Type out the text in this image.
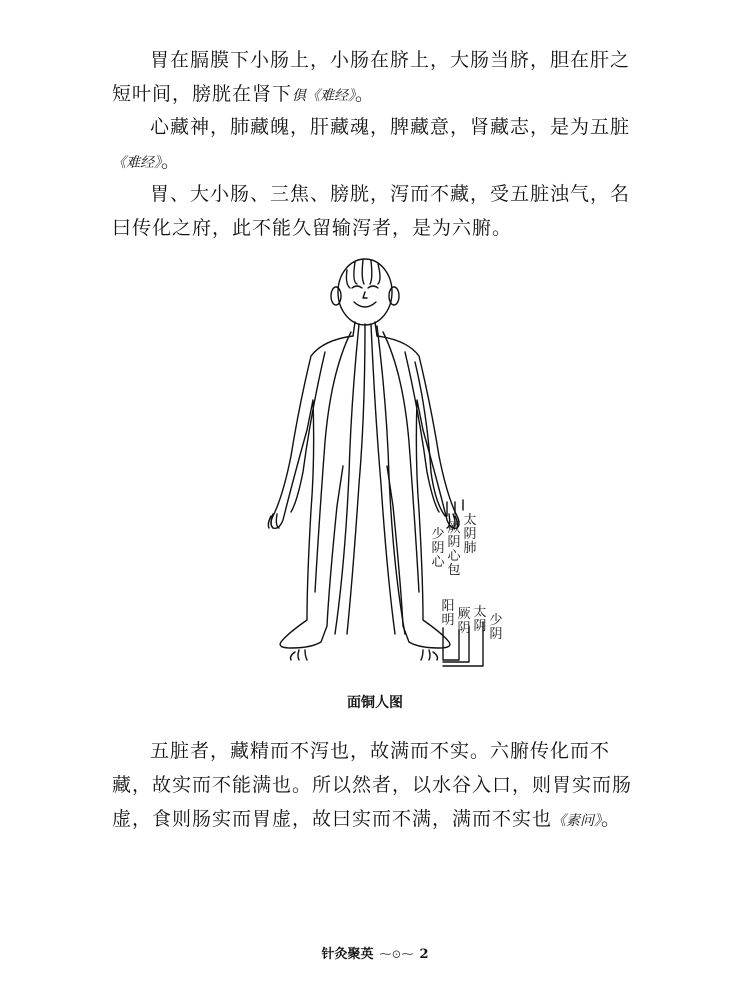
胃在膈膜下小肠上，小肠在脐上，大肠当脐，胆在肝之短叶间，膀胱在肾下俱《难经》。

心藏神，肺藏魄，肝藏魂，脾藏意，肾藏志，是为五脏《难经》。

胃、大小肠、三焦、膀胱，泻而不藏，受五脏浊气，名曰传化之府，此不能久留输泻者，是为六腑。

少阴心
厥阴心包
太阴肺
阳明 厥阴
太阴 少阴
面铜人图

五脏者，藏精而不泻也，故满而不实。六腑传化而不藏，故实而不能满也。所以然者，以水谷入口，则胃实而肠虚，食则肠实而胃虚，故曰实而不满，满而不实也《素问》。

针灸聚英 ⁓⊙⁓ 2
